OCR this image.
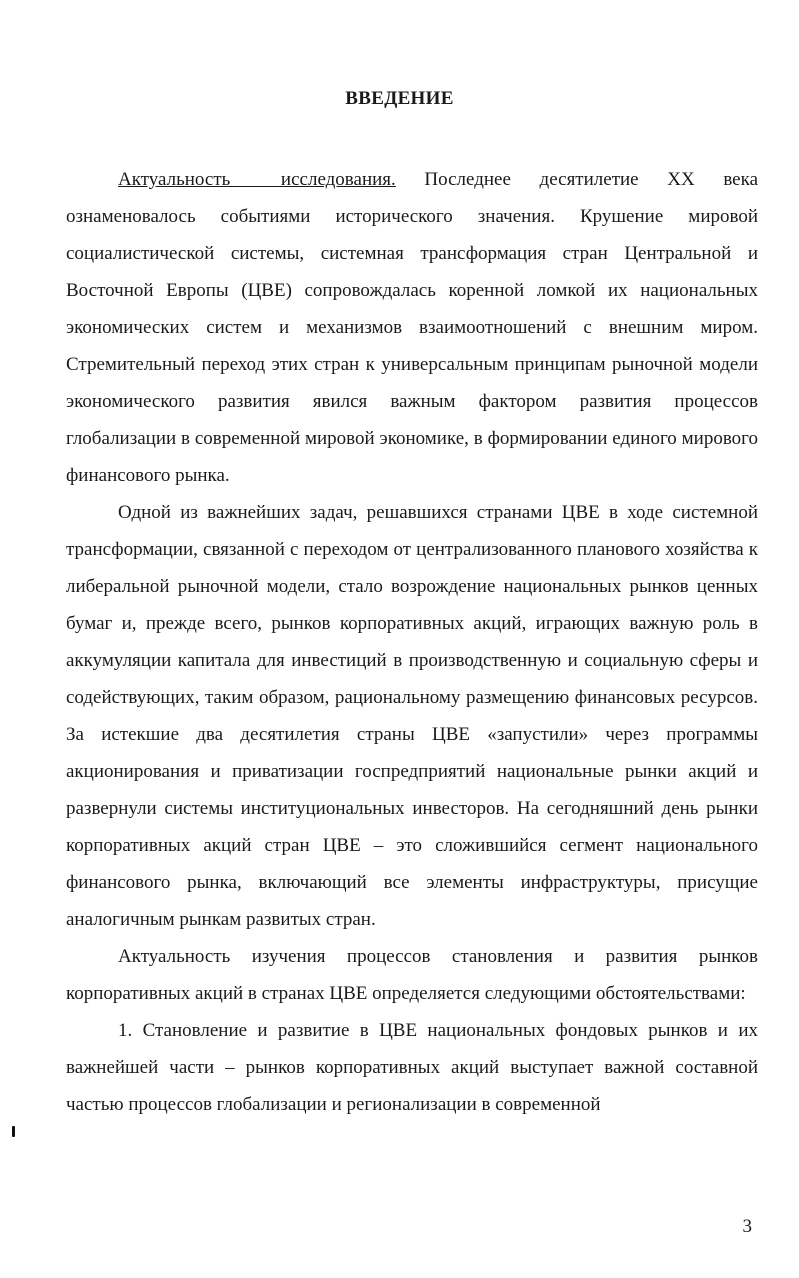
ВВЕДЕНИЕ

Актуальность исследования. Последнее десятилетие XX века ознаменовалось событиями исторического значения. Крушение мировой социалистической системы, системная трансформация стран Центральной и Восточной Европы (ЦВЕ) сопровождалась коренной ломкой их национальных экономических систем и механизмов взаимоотношений с внешним миром. Стремительный переход этих стран к универсальным принципам рыночной модели экономического развития явился важным фактором развития процессов глобализации в современной мировой экономике, в формировании единого мирового финансового рынка.

Одной из важнейших задач, решавшихся странами ЦВЕ в ходе системной трансформации, связанной с переходом от централизованного планового хозяйства к либеральной рыночной модели, стало возрождение национальных рынков ценных бумаг и, прежде всего, рынков корпоративных акций, играющих важную роль в аккумуляции капитала для инвестиций в производственную и социальную сферы и содействующих, таким образом, рациональному размещению финансовых ресурсов. За истекшие два десятилетия страны ЦВЕ «запустили» через программы акционирования и приватизации госпредприятий национальные рынки акций и развернули системы институциональных инвесторов. На сегодняшний день рынки корпоративных акций стран ЦВЕ – это сложившийся сегмент национального финансового рынка, включающий все элементы инфраструктуры, присущие аналогичным рынкам развитых стран.

Актуальность изучения процессов становления и развития рынков корпоративных акций в странах ЦВЕ определяется следующими обстоятельствами:

1. Становление и развитие в ЦВЕ национальных фондовых рынков и их важнейшей части – рынков корпоративных акций выступает важной составной частью процессов глобализации и регионализации в современной

3
